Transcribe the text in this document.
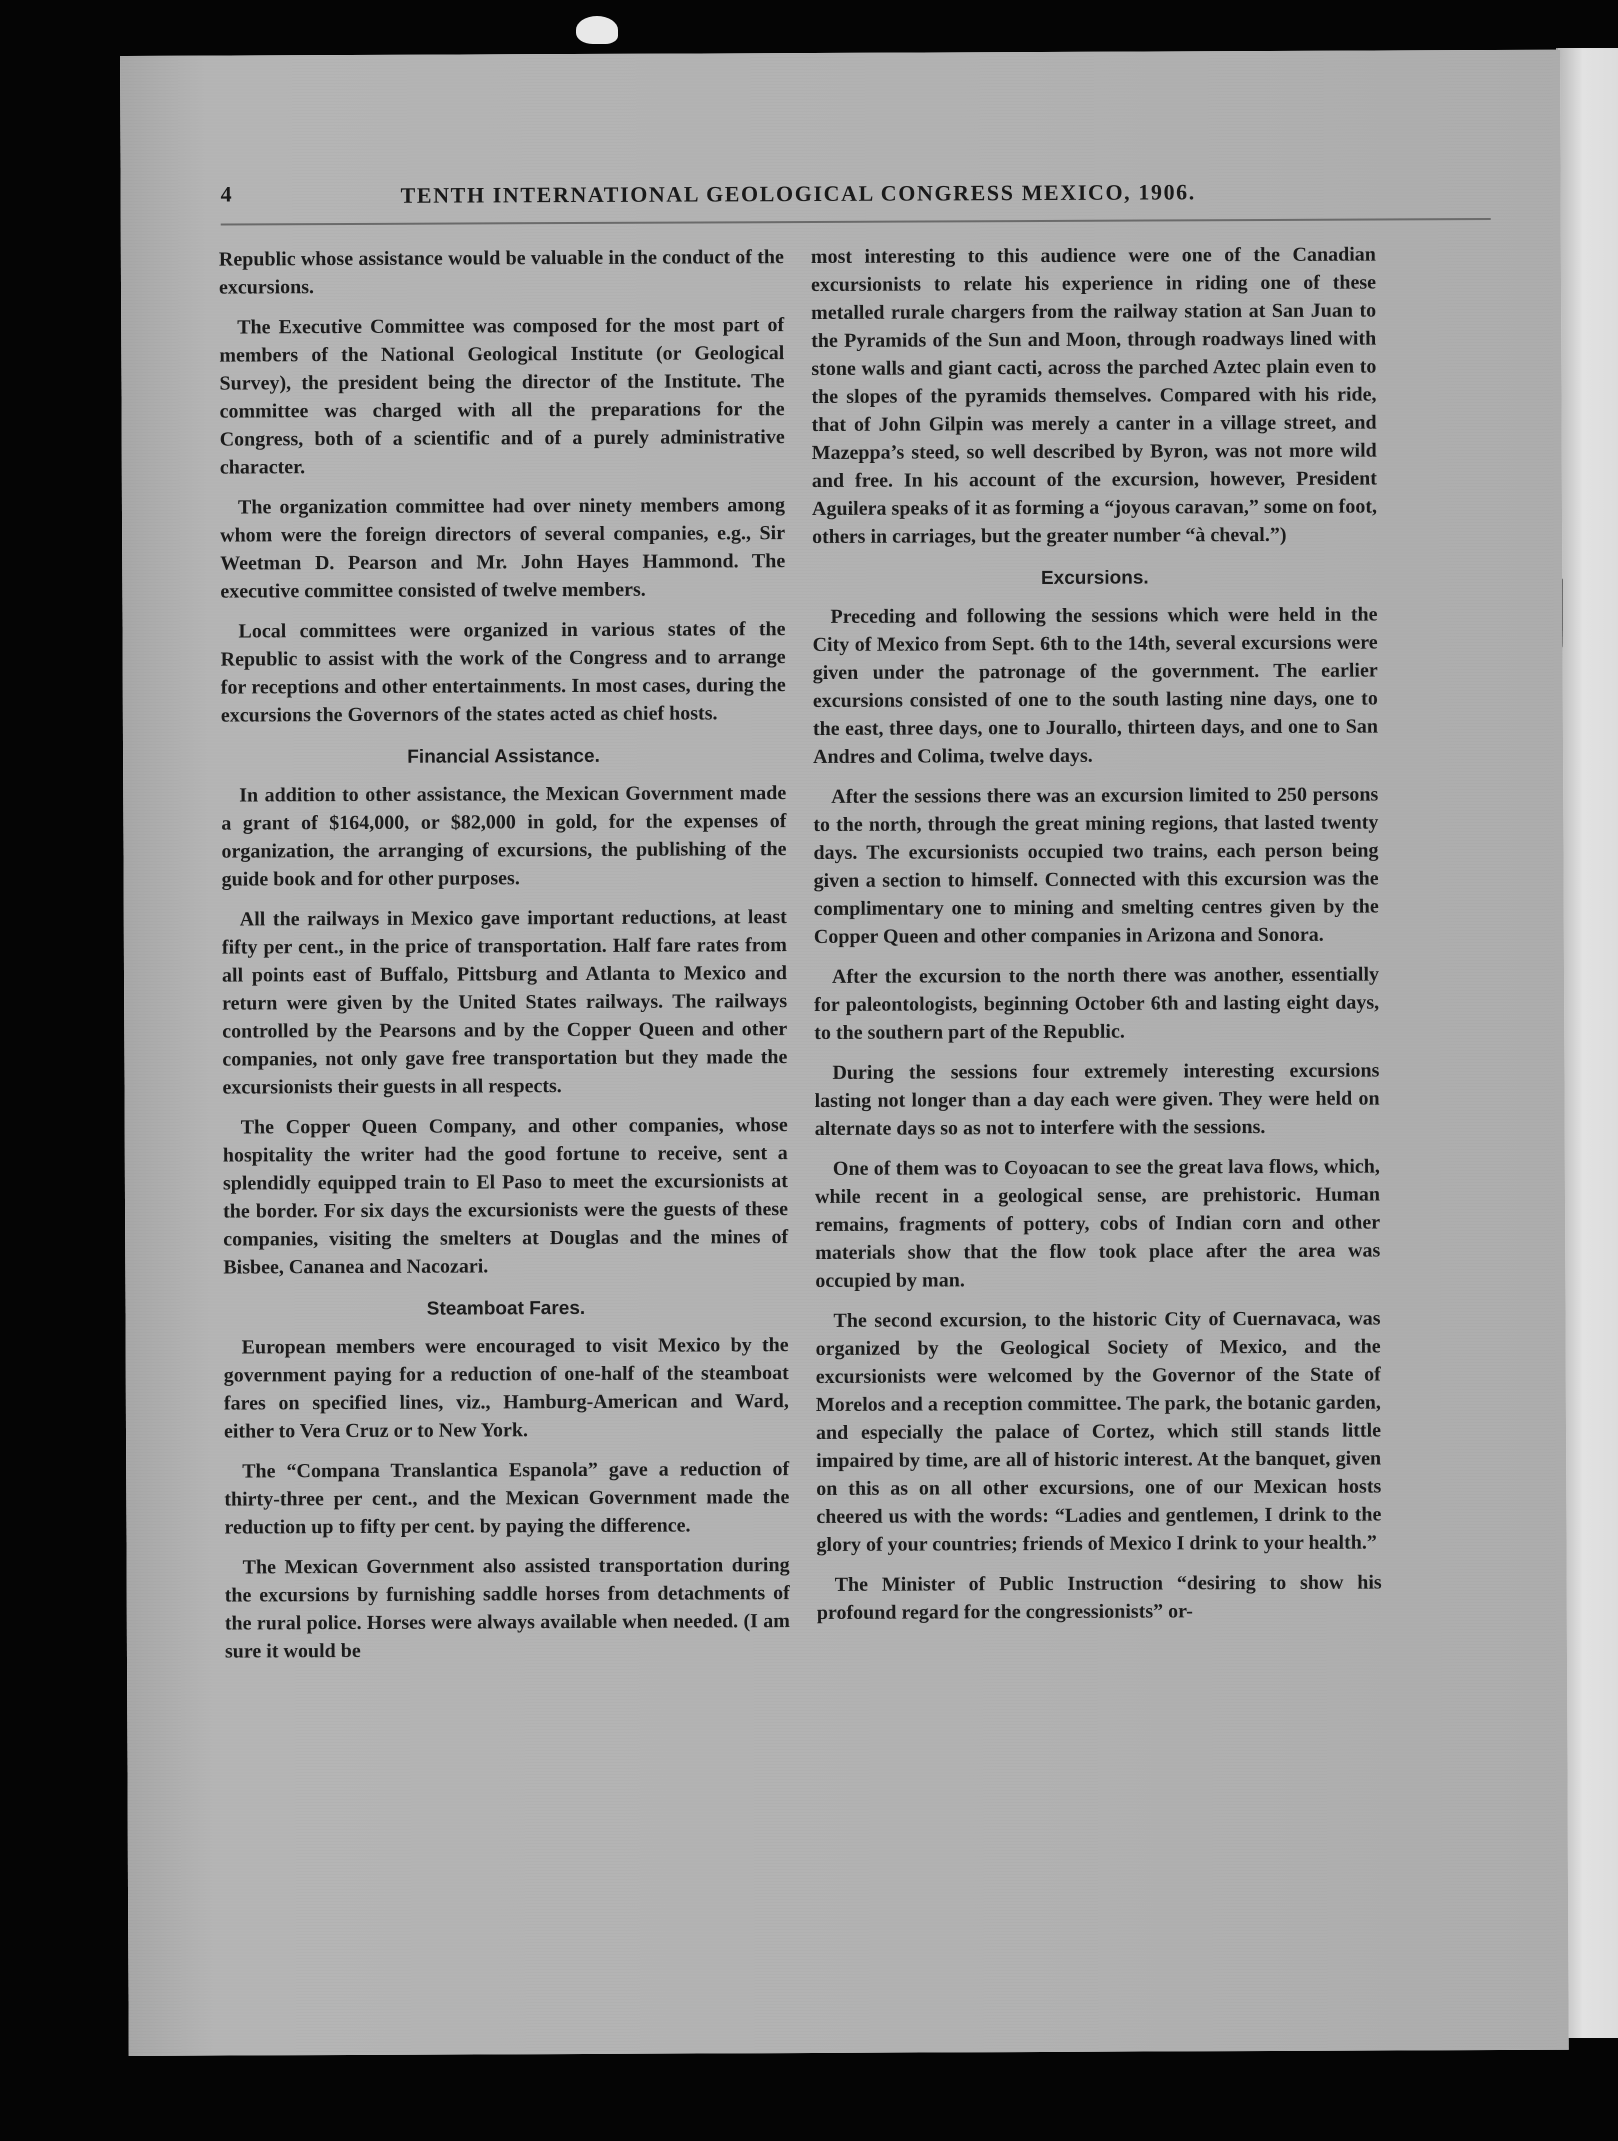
4	TENTH INTERNATIONAL GEOLOGICAL CONGRESS MEXICO, 1906.

Republic whose assistance would be valuable in the conduct of the excursions.

The Executive Committee was composed for the most part of members of the National Geological Institute (or Geological Survey), the president being the director of the Institute. The committee was charged with all the preparations for the Congress, both of a scientific and of a purely administrative character.

The organization committee had over ninety members among whom were the foreign directors of several companies, e.g., Sir Weetman D. Pearson and Mr. John Hayes Hammond. The executive committee consisted of twelve members.

Local committees were organized in various states of the Republic to assist with the work of the Congress and to arrange for receptions and other entertainments. In most cases, during the excursions the Governors of the states acted as chief hosts.

Financial Assistance.

In addition to other assistance, the Mexican Government made a grant of $164,000, or $82,000 in gold, for the expenses of organization, the arranging of excursions, the publishing of the guide book and for other purposes.

All the railways in Mexico gave important reductions, at least fifty per cent., in the price of transportation. Half fare rates from all points east of Buffalo, Pittsburg and Atlanta to Mexico and return were given by the United States railways. The railways controlled by the Pearsons and by the Copper Queen and other companies, not only gave free transportation but they made the excursionists their guests in all respects.

The Copper Queen Company, and other companies, whose hospitality the writer had the good fortune to receive, sent a splendidly equipped train to El Paso to meet the excursionists at the border. For six days the excursionists were the guests of these companies, visiting the smelters at Douglas and the mines of Bisbee, Cananea and Nacozari.

Steamboat Fares.

European members were encouraged to visit Mexico by the government paying for a reduction of one-half of the steamboat fares on specified lines, viz., Hamburg-American and Ward, either to Vera Cruz or to New York.

The “Compana Translantica Espanola” gave a reduction of thirty-three per cent., and the Mexican Government made the reduction up to fifty per cent. by paying the difference.

The Mexican Government also assisted transportation during the excursions by furnishing saddle horses from detachments of the rural police. Horses were always available when needed. (I am sure it would be

most interesting to this audience were one of the Canadian excursionists to relate his experience in riding one of these metalled rurale chargers from the railway station at San Juan to the Pyramids of the Sun and Moon, through roadways lined with stone walls and giant cacti, across the parched Aztec plain even to the slopes of the pyramids themselves. Compared with his ride, that of John Gilpin was merely a canter in a village street, and Mazeppa’s steed, so well described by Byron, was not more wild and free. In his account of the excursion, however, President Aguilera speaks of it as forming a “joyous caravan,” some on foot, others in carriages, but the greater number “à cheval.”)

Excursions.

Preceding and following the sessions which were held in the City of Mexico from Sept. 6th to the 14th, several excursions were given under the patronage of the government. The earlier excursions consisted of one to the south lasting nine days, one to the east, three days, one to Jourallo, thirteen days, and one to San Andres and Colima, twelve days.

After the sessions there was an excursion limited to 250 persons to the north, through the great mining regions, that lasted twenty days. The excursionists occupied two trains, each person being given a section to himself. Connected with this excursion was the complimentary one to mining and smelting centres given by the Copper Queen and other companies in Arizona and Sonora.

After the excursion to the north there was another, essentially for paleontologists, beginning October 6th and lasting eight days, to the southern part of the Republic.

During the sessions four extremely interesting excursions lasting not longer than a day each were given. They were held on alternate days so as not to interfere with the sessions.

One of them was to Coyoacan to see the great lava flows, which, while recent in a geological sense, are prehistoric. Human remains, fragments of pottery, cobs of Indian corn and other materials show that the flow took place after the area was occupied by man.

The second excursion, to the historic City of Cuernavaca, was organized by the Geological Society of Mexico, and the excursionists were welcomed by the Governor of the State of Morelos and a reception committee. The park, the botanic garden, and especially the palace of Cortez, which still stands little impaired by time, are all of historic interest. At the banquet, given on this as on all other excursions, one of our Mexican hosts cheered us with the words: “Ladies and gentlemen, I drink to the glory of your countries; friends of Mexico I drink to your health.”

The Minister of Public Instruction “desiring to show his profound regard for the congressionists” or-
